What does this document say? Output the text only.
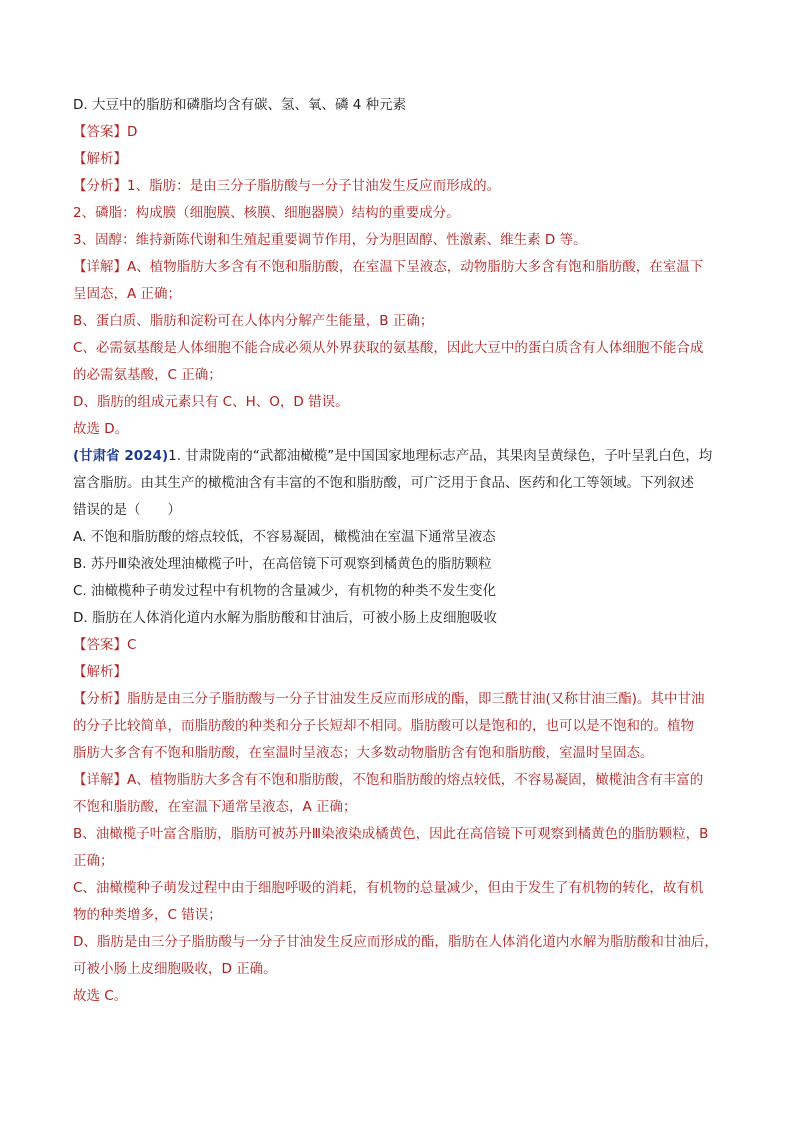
D. 大豆中的脂肪和磷脂均含有碳、氢、氧、磷 4 种元素
【答案】D
【解析】
【分析】1、脂肪：是由三分子脂肪酸与一分子甘油发生反应而形成的。
2、磷脂：构成膜（细胞膜、核膜、细胞器膜）结构的重要成分。
3、固醇：维持新陈代谢和生殖起重要调节作用，分为胆固醇、性激素、维生素 D 等。
【详解】A、植物脂肪大多含有不饱和脂肪酸，在室温下呈液态，动物脂肪大多含有饱和脂肪酸，在室温下
呈固态，A 正确；
B、蛋白质、脂肪和淀粉可在人体内分解产生能量，B 正确；
C、必需氨基酸是人体细胞不能合成必须从外界获取的氨基酸，因此大豆中的蛋白质含有人体细胞不能合成
的必需氨基酸，C 正确；
D、脂肪的组成元素只有 C、H、O，D 错误。
故选 D。
(甘肃省 2024)1. 甘肃陇南的“武都油橄榄”是中国国家地理标志产品，其果肉呈黄绿色，子叶呈乳白色，均
富含脂肪。由其生产的橄榄油含有丰富的不饱和脂肪酸，可广泛用于食品、医药和化工等领域。下列叙述
错误的是（　　）
A. 不饱和脂肪酸的熔点较低，不容易凝固，橄榄油在室温下通常呈液态
B. 苏丹Ⅲ染液处理油橄榄子叶，在高倍镜下可观察到橘黄色的脂肪颗粒
C. 油橄榄种子萌发过程中有机物的含量减少，有机物的种类不发生变化
D. 脂肪在人体消化道内水解为脂肪酸和甘油后，可被小肠上皮细胞吸收
【答案】C
【解析】
【分析】脂肪是由三分子脂肪酸与一分子甘油发生反应而形成的酯，即三酰甘油(又称甘油三酯)。其中甘油
的分子比较简单，而脂肪酸的种类和分子长短却不相同。脂肪酸可以是饱和的，也可以是不饱和的。植物
脂肪大多含有不饱和脂肪酸，在室温时呈液态；大多数动物脂肪含有饱和脂肪酸，室温时呈固态。
【详解】A、植物脂肪大多含有不饱和脂肪酸，不饱和脂肪酸的熔点较低，不容易凝固，橄榄油含有丰富的
不饱和脂肪酸，在室温下通常呈液态，A 正确；
B、油橄榄子叶富含脂肪，脂肪可被苏丹Ⅲ染液染成橘黄色，因此在高倍镜下可观察到橘黄色的脂肪颗粒，B
正确；
C、油橄榄种子萌发过程中由于细胞呼吸的消耗，有机物的总量减少，但由于发生了有机物的转化，故有机
物的种类增多，C 错误；
D、脂肪是由三分子脂肪酸与一分子甘油发生反应而形成的酯，脂肪在人体消化道内水解为脂肪酸和甘油后，
可被小肠上皮细胞吸收，D 正确。
故选 C。
